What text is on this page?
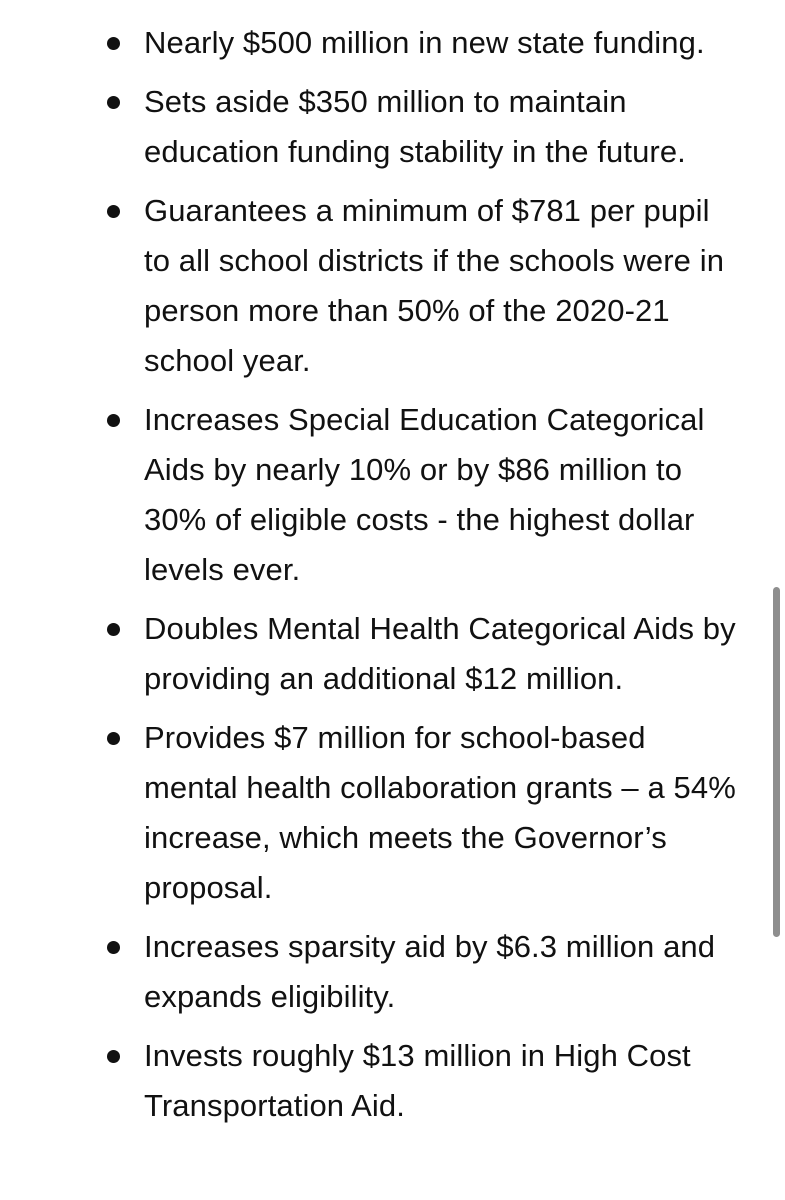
Nearly $500 million in new state funding.
Sets aside $350 million to maintain education funding stability in the future.
Guarantees a minimum of $781 per pupil to all school districts if the schools were in person more than 50% of the 2020-21 school year.
Increases Special Education Categorical Aids by nearly 10% or by $86 million to 30% of eligible costs - the highest dollar levels ever.
Doubles Mental Health Categorical Aids by providing an additional $12 million.
Provides $7 million for school-based mental health collaboration grants – a 54% increase, which meets the Governor’s proposal.
Increases sparsity aid by $6.3 million and expands eligibility.
Invests roughly $13 million in High Cost Transportation Aid.
